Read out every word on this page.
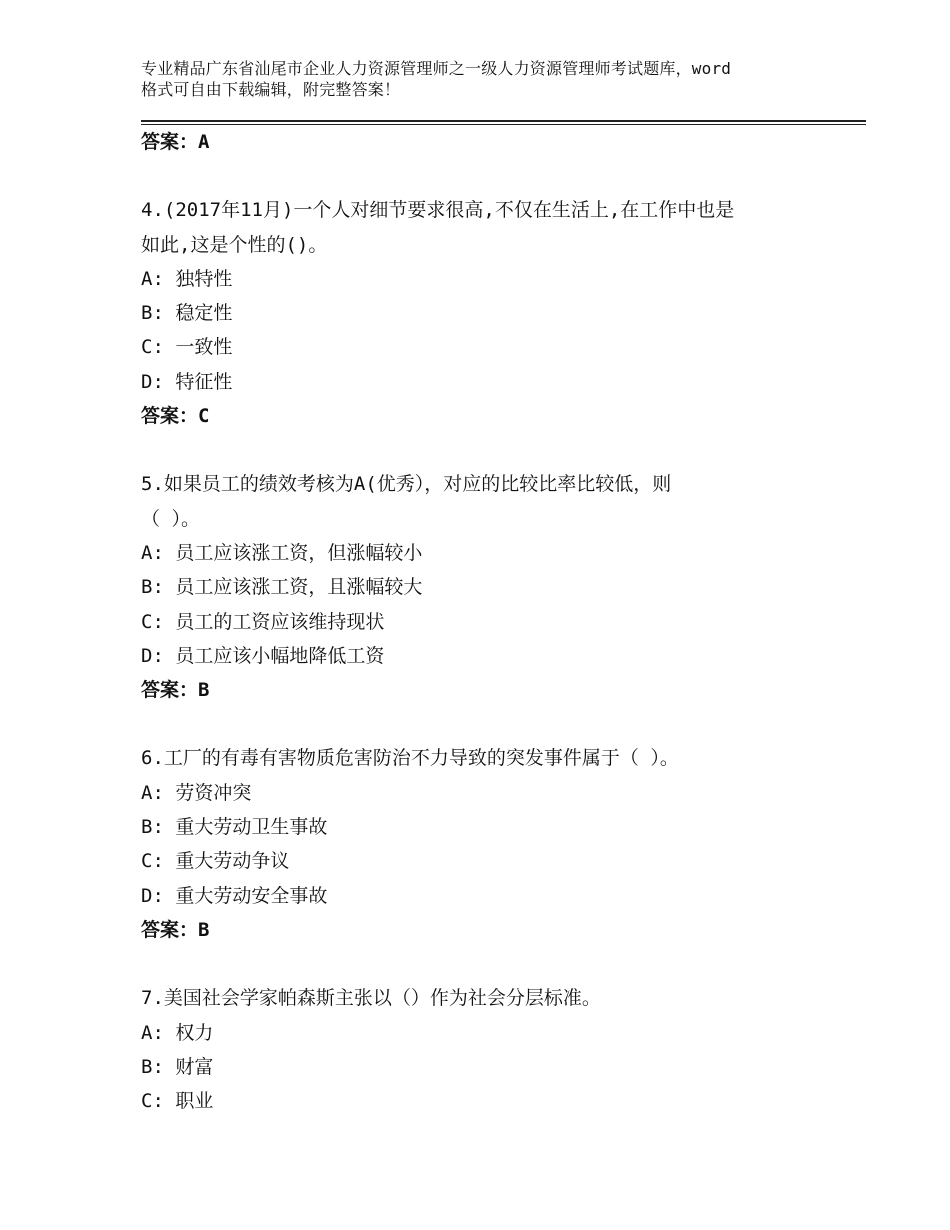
专业精品广东省汕尾市企业人力资源管理师之一级人力资源管理师考试题库，word
格式可自由下载编辑，附完整答案！
答案：A
4.(2017年11月)一个人对细节要求很高,不仅在生活上,在工作中也是
如此,这是个性的()。
A: 独特性
B: 稳定性
C: 一致性
D: 特征性
答案：C
5.如果员工的绩效考核为A(优秀），对应的比较比率比较低，则
（ ）。
A: 员工应该涨工资，但涨幅较小
B: 员工应该涨工资，且涨幅较大
C: 员工的工资应该维持现状
D: 员工应该小幅地降低工资
答案：B
6.工厂的有毒有害物质危害防治不力导致的突发事件属于（ ）。
A: 劳资冲突
B: 重大劳动卫生事故
C: 重大劳动争议
D: 重大劳动安全事故
答案：B
7.美国社会学家帕森斯主张以（）作为社会分层标准。
A: 权力
B: 财富
C: 职业
